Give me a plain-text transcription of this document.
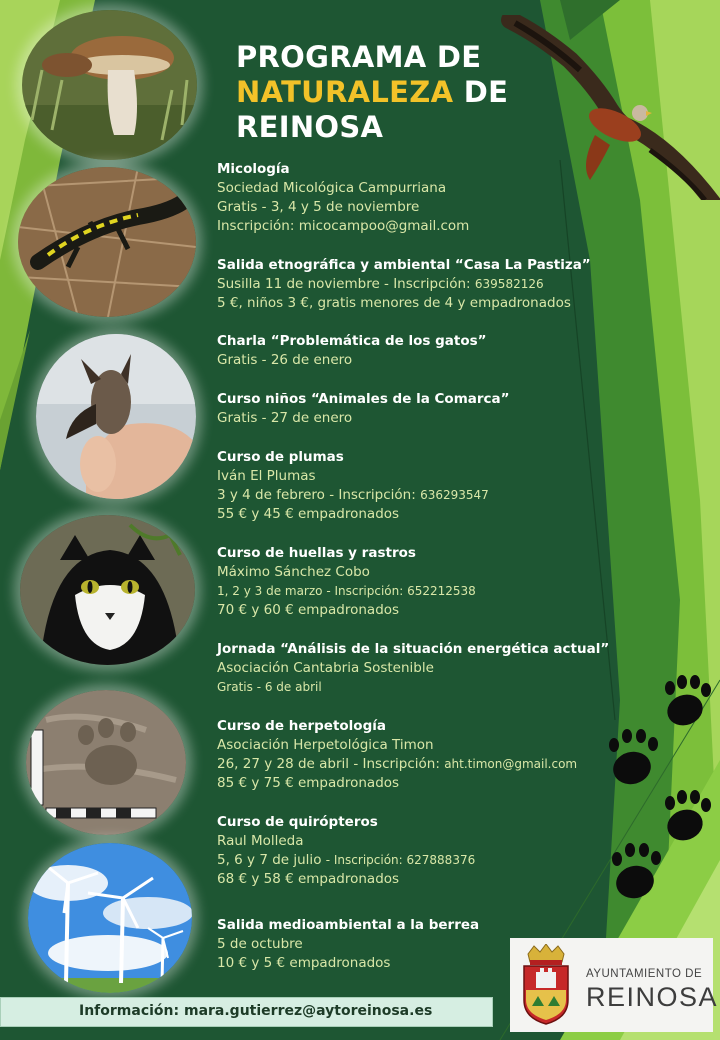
PROGRAMA DE
NATURALEZA DE
REINOSA
Micología
Sociedad Micológica Campurriana
Gratis - 3, 4 y 5 de noviembre
Inscripción: micocampoo@gmail.com
Salida etnográfica y ambiental “Casa La Pastiza”
Susilla 11 de noviembre - Inscripción: 639582126
5 €, niños 3 €, gratis menores de 4 y empadronados
Charla “Problemática de los gatos”
Gratis - 26 de enero
Curso niños “Animales de la Comarca”
Gratis - 27 de enero
Curso de plumas
Iván El Plumas
3 y 4 de febrero - Inscripción: 636293547
55 € y 45 € empadronados
Curso de huellas y rastros
Máximo Sánchez Cobo
1, 2 y 3 de marzo - Inscripción: 652212538
70 € y 60 € empadronados
Jornada “Análisis de la situación energética actual”
Asociación Cantabria Sostenible
Gratis - 6 de abril
Curso de herpetología
Asociación Herpetológica Timon
26, 27 y 28 de abril - Inscripción: aht.timon@gmail.com
85 € y 75 € empadronados
Curso de quirópteros
Raul Molleda
5, 6 y 7 de julio - Inscripción: 627888376
68 € y 58 € empadronados
Salida medioambiental a la berrea
5 de octubre
10 € y 5 € empadronados
Información: mara.gutierrez@aytoreinosa.es
AYUNTAMIENTO DE
REINOSA
